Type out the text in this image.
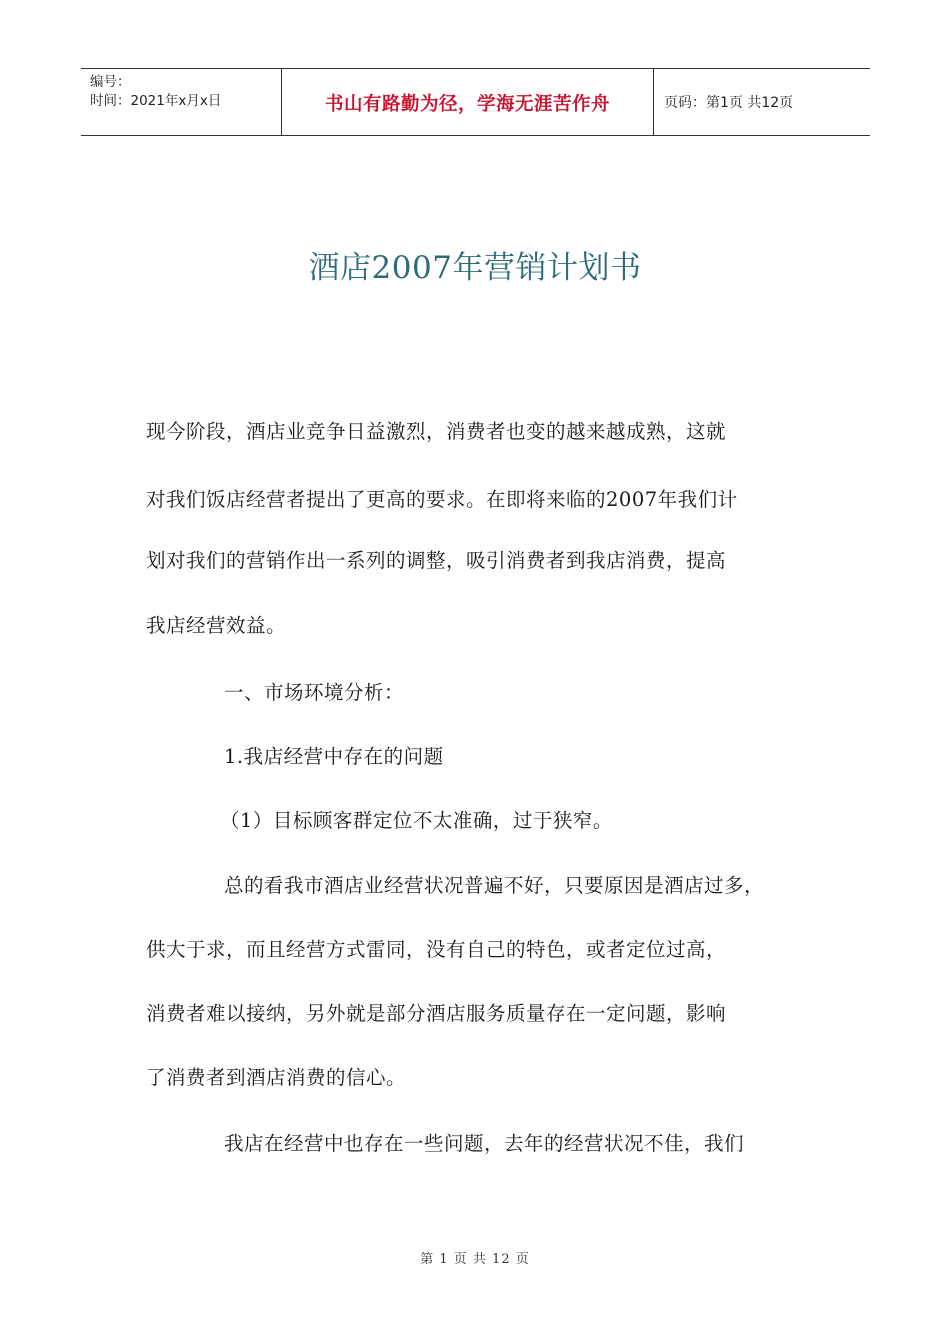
编号：
时间：2021年x月x日	书山有路勤为径，学海无涯苦作舟	页码：第1页 共12页
酒店2007年营销计划书
现今阶段，酒店业竞争日益激烈，消费者也变的越来越成熟，这就
对我们饭店经营者提出了更高的要求。在即将来临的2007年我们计
划对我们的营销作出一系列的调整，吸引消费者到我店消费，提高
我店经营效益。
一、市场环境分析：
1.我店经营中存在的问题
（1）目标顾客群定位不太准确，过于狭窄。
总的看我市酒店业经营状况普遍不好，只要原因是酒店过多，
供大于求，而且经营方式雷同，没有自己的特色，或者定位过高，
消费者难以接纳，另外就是部分酒店服务质量存在一定问题，影响
了消费者到酒店消费的信心。
我店在经营中也存在一些问题，去年的经营状况不佳，我们
第 1 页 共 12 页
